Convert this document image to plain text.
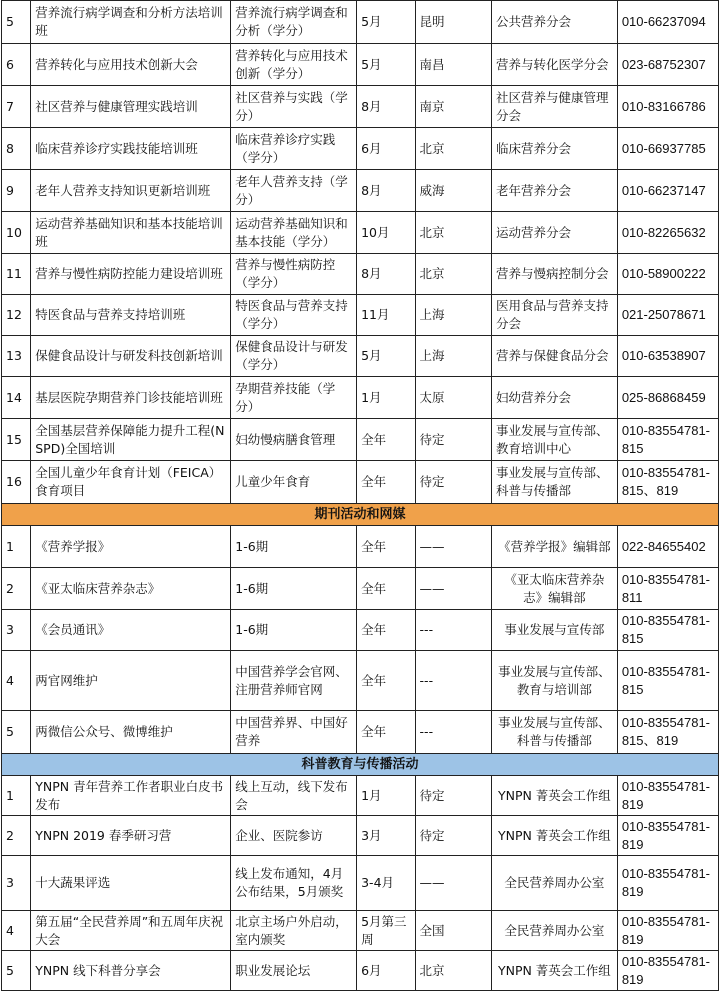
5	营养流行病学调查和分析方法培训班	营养流行病学调查和分析（学分）	5月	昆明	公共营养分会	010-66237094
6	营养转化与应用技术创新大会	营养转化与应用技术创新（学分）	5月	南昌	营养与转化医学分会	023-68752307
7	社区营养与健康管理实践培训	社区营养与实践（学分）	8月	南京	社区营养与健康管理分会	010-83166786
8	临床营养诊疗实践技能培训班	临床营养诊疗实践（学分）	6月	北京	临床营养分会	010-66937785
9	老年人营养支持知识更新培训班	老年人营养支持（学分）	8月	威海	老年营养分会	010-66237147
10	运动营养基础知识和基本技能培训班	运动营养基础知识和基本技能（学分）	10月	北京	运动营养分会	010-82265632
11	营养与慢性病防控能力建设培训班	营养与慢性病防控（学分）	8月	北京	营养与慢病控制分会	010-58900222
12	特医食品与营养支持培训班	特医食品与营养支持（学分）	11月	上海	医用食品与营养支持分会	021-25078671
13	保健食品设计与研发科技创新培训	保健食品设计与研发（学分）	5月	上海	营养与保健食品分会	010-63538907
14	基层医院孕期营养门诊技能培训班	孕期营养技能（学分）	1月	太原	妇幼营养分会	025-86868459
15	全国基层营养保障能力提升工程(NSPD)全国培训	妇幼慢病膳食管理	全年	待定	事业发展与宣传部、教育培训中心	010-83554781-815
16	全国儿童少年食育计划（FEICA）食育项目	儿童少年食育	全年	待定	事业发展与宣传部、科普与传播部	010-83554781-815、819
期刊活动和网媒						
1	《营养学报》	1-6期	全年	——	《营养学报》编辑部	022-84655402
2	《亚太临床营养杂志》	1-6期	全年	——	《亚太临床营养杂志》编辑部	010-83554781-811
3	《会员通讯》	1-6期	全年	---	事业发展与宣传部	010-83554781-815
4	两官网维护	中国营养学会官网、注册营养师官网	全年	---	事业发展与宣传部、教育与培训部	010-83554781-815
5	两微信公众号、微博维护	中国营养界、中国好营养	全年	---	事业发展与宣传部、科普与传播部	010-83554781-815、819
科普教育与传播活动						
1	YNPN 青年营养工作者职业白皮书发布	线上互动，线下发布会	1月	待定	YNPN 菁英会工作组	010-83554781-819
2	YNPN 2019 春季研习营	企业、医院参访	3月	待定	YNPN 菁英会工作组	010-83554781-819
3	十大蔬果评选	线上发布通知，4月公布结果，5月颁奖	3-4月	——	全民营养周办公室	010-83554781-819
4	第五届“全民营养周”和五周年庆祝大会	北京主场户外启动，室内颁奖	5月第三周	全国	全民营养周办公室	010-83554781-819
5	YNPN 线下科普分享会	职业发展论坛	6月	北京	YNPN 菁英会工作组	010-83554781-819
